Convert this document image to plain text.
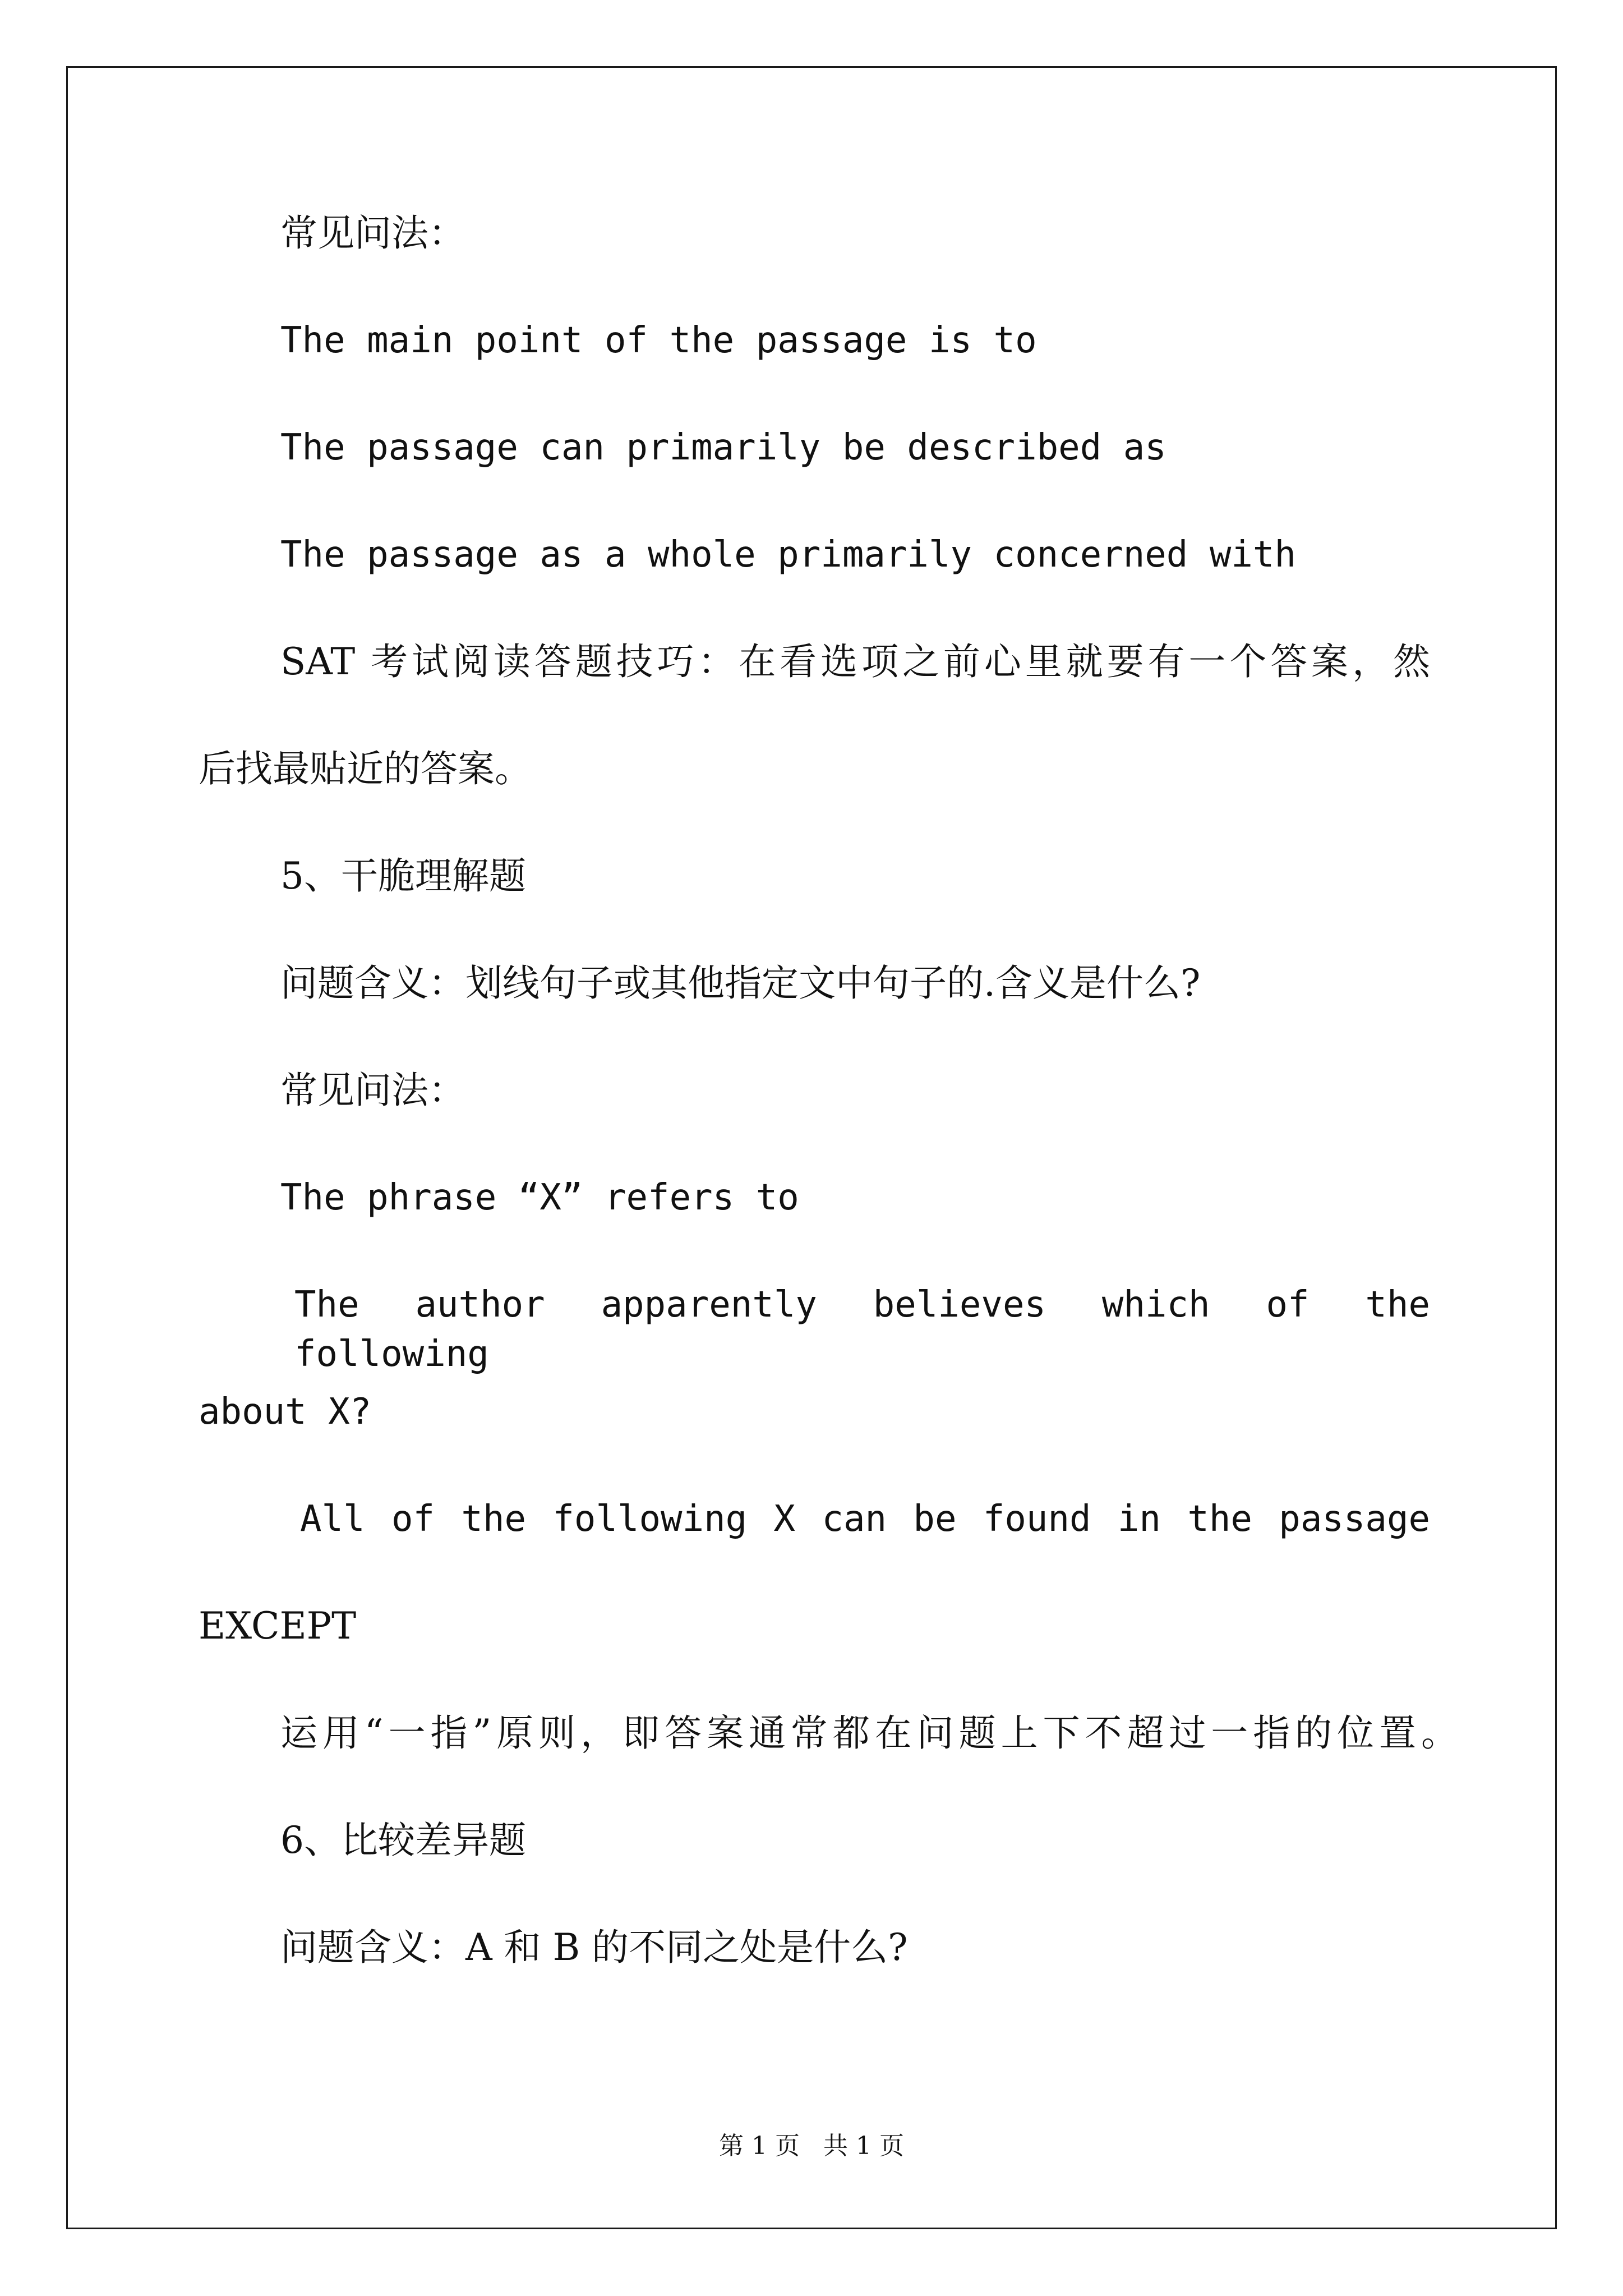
常见问法：
The main point of the passage is to
The passage can primarily be described as
The passage as a whole primarily concerned with
SAT 考试阅读答题技巧：在看选项之前心里就要有一个答案，然
后找最贴近的答案。
5、干脆理解题
问题含义：划线句子或其他指定文中句子的.含义是什么?
常见问法：
The phrase “X” refers to
The author apparently believes which of the following
about X?
All of the following X can be found in the passage
EXCEPT
运用“一指”原则，即答案通常都在问题上下不超过一指的位置。
6、比较差异题
问题含义：A 和 B 的不同之处是什么?
第 1 页   共 1 页
